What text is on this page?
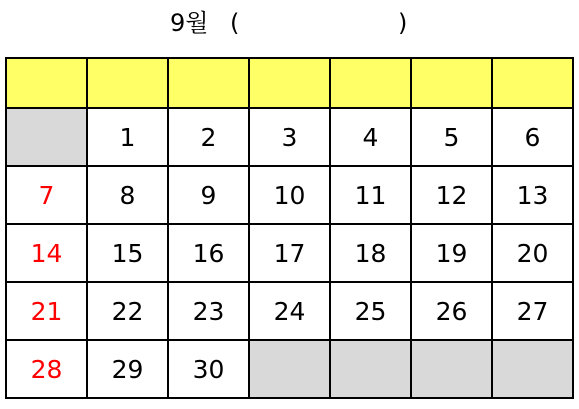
9월 (	)

	1	2	3	4	5	6
7	8	9	10	11	12	13
14	15	16	17	18	19	20
21	22	23	24	25	26	27
28	29	30				
